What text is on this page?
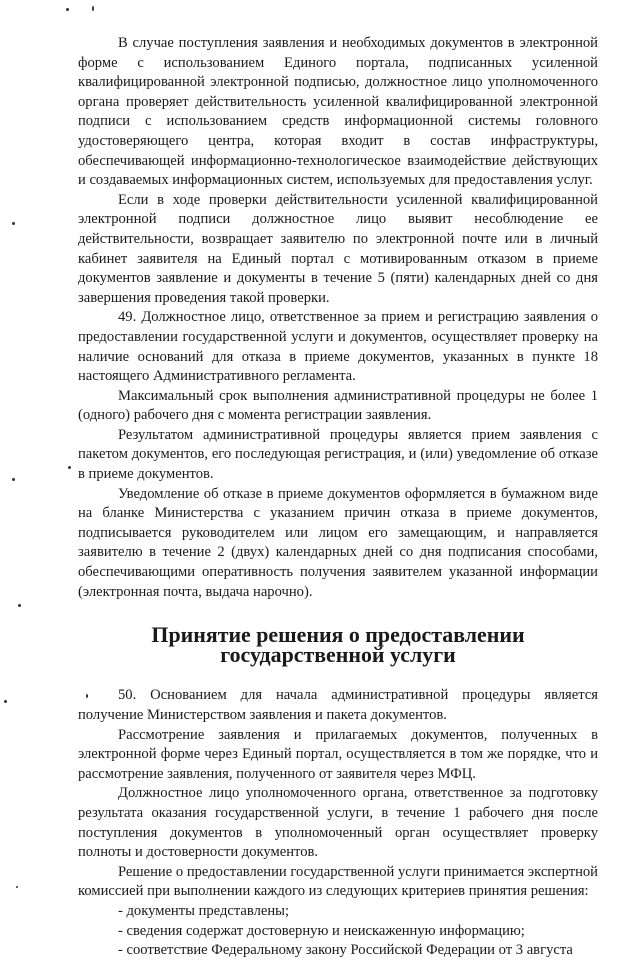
В случае поступления заявления и необходимых документов в электронной форме с использованием Единого портала, подписанных усиленной квалифицированной электронной подписью, должностное лицо уполномоченного органа проверяет действительность усиленной квалифицированной электронной подписи с использованием средств информационной системы головного удостоверяющего центра, которая входит в состав инфраструктуры, обеспечивающей информационно-технологическое взаимодействие действующих и создаваемых информационных систем, используемых для предоставления услуг.

Если в ходе проверки действительности усиленной квалифицированной электронной подписи должностное лицо выявит несоблюдение ее действительности, возвращает заявителю по электронной почте или в личный кабинет заявителя на Единый портал с мотивированным отказом в приеме документов заявление и документы в течение 5 (пяти) календарных дней со дня завершения проведения такой проверки.

49. Должностное лицо, ответственное за прием и регистрацию заявления о предоставлении государственной услуги и документов, осуществляет проверку на наличие оснований для отказа в приеме документов, указанных в пункте 18 настоящего Административного регламента.

Максимальный срок выполнения административной процедуры не более 1 (одного) рабочего дня с момента регистрации заявления.

Результатом административной процедуры является прием заявления с пакетом документов, его последующая регистрация, и (или) уведомление об отказе в приеме документов.

Уведомление об отказе в приеме документов оформляется в бумажном виде на бланке Министерства с указанием причин отказа в приеме документов, подписывается руководителем или лицом его замещающим, и направляется заявителю в течение 2 (двух) календарных дней со дня подписания способами, обеспечивающими оперативность получения заявителем указанной информации (электронная почта, выдача нарочно).

Принятие решения о предоставлении государственной услуги

50. Основанием для начала административной процедуры является получение Министерством заявления и пакета документов.

Рассмотрение заявления и прилагаемых документов, полученных в электронной форме через Единый портал, осуществляется в том же порядке, что и рассмотрение заявления, полученного от заявителя через МФЦ.

Должностное лицо уполномоченного органа, ответственное за подготовку результата оказания государственной услуги, в течение 1 рабочего дня после поступления документов в уполномоченный орган осуществляет проверку полноты и достоверности документов.

Решение о предоставлении государственной услуги принимается экспертной комиссией при выполнении каждого из следующих критериев принятия решения:

- документы представлены;
- сведения содержат достоверную и неискаженную информацию;
- соответствие Федеральному закону Российской Федерации от 3 августа
